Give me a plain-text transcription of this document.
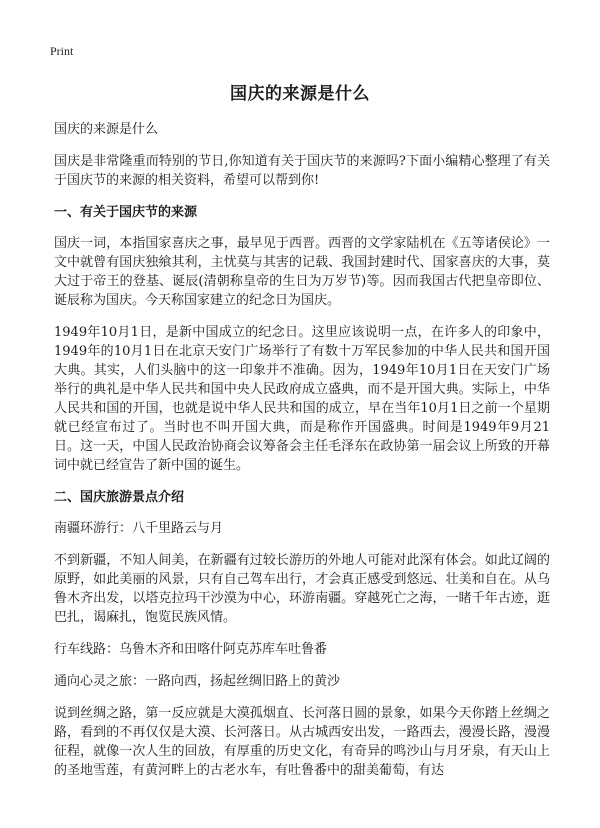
Print
国庆的来源是什么

国庆的来源是什么

国庆是非常隆重而特别的节日,你知道有关于国庆节的来源吗?下面小编精心整理了有关于国庆节的来源的相关资料，希望可以帮到你!

一、有关于国庆节的来源

国庆一词，本指国家喜庆之事，最早见于西晋。西晋的文学家陆机在《五等诸侯论》一文中就曾有国庆独飨其利，主忧莫与其害的记载、我国封建时代、国家喜庆的大事，莫大过于帝王的登基、诞辰(清朝称皇帝的生日为万岁节)等。因而我国古代把皇帝即位、诞辰称为国庆。今天称国家建立的纪念日为国庆。

1949年10月1日，是新中国成立的纪念日。这里应该说明一点，在许多人的印象中，1949年的10月1日在北京天安门广场举行了有数十万军民参加的中华人民共和国开国大典。其实，人们头脑中的这一印象并不准确。因为，1949年10月1日在天安门广场举行的典礼是中华人民共和国中央人民政府成立盛典，而不是开国大典。实际上，中华人民共和国的开国，也就是说中华人民共和国的成立，早在当年10月1日之前一个星期就已经宣布过了。当时也不叫开国大典，而是称作开国盛典。时间是1949年9月21日。这一天，中国人民政治协商会议筹备会主任毛泽东在政协第一届会议上所致的开幕词中就已经宣告了新中国的诞生。

二、国庆旅游景点介绍

南疆环游行：八千里路云与月

不到新疆，不知人间美，在新疆有过较长游历的外地人可能对此深有体会。如此辽阔的原野，如此美丽的风景，只有自己驾车出行，才会真正感受到悠远、壮美和自在。从乌鲁木齐出发，以塔克拉玛干沙漠为中心，环游南疆。穿越死亡之海，一睹千年古迹，逛巴扎，谒麻扎，饱览民族风情。

行车线路：乌鲁木齐和田喀什阿克苏库车吐鲁番

通向心灵之旅：一路向西，扬起丝绸旧路上的黄沙

说到丝绸之路，第一反应就是大漠孤烟直、长河落日圆的景象，如果今天你踏上丝绸之路，看到的不再仅仅是大漠、长河落日。从古城西安出发，一路西去，漫漫长路，漫漫征程，就像一次人生的回放，有厚重的历史文化，有奇异的鸣沙山与月牙泉，有天山上的圣地雪莲，有黄河畔上的古老水车，有吐鲁番中的甜美葡萄，有达
